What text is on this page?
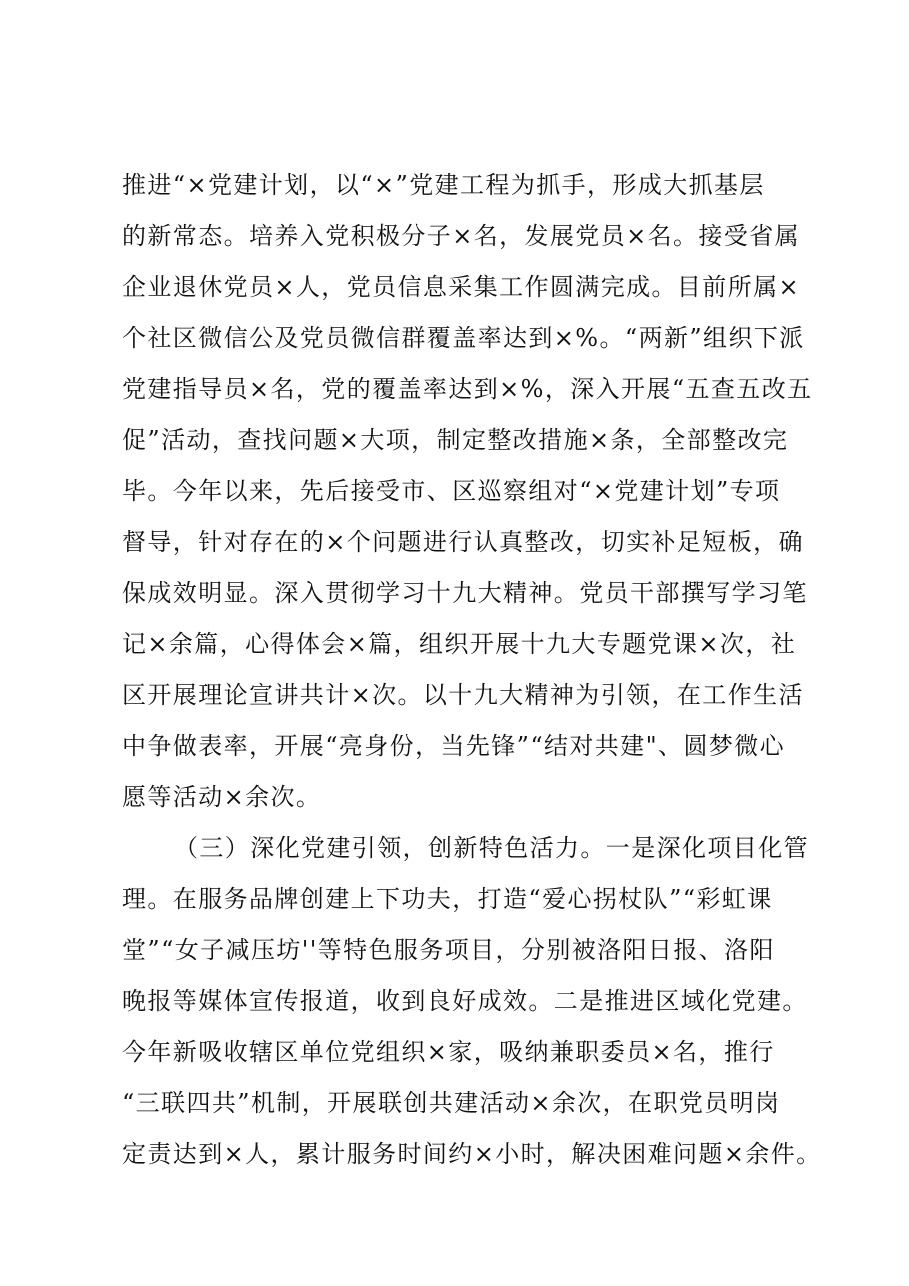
推进“×党建计划，以“×”党建工程为抓手，形成大抓基层
的新常态。培养入党积极分子×名，发展党员×名。接受省属
企业退休党员×人，党员信息采集工作圆满完成。目前所属×
个社区微信公及党员微信群覆盖率达到×%。“两新”组织下派
党建指导员×名，党的覆盖率达到×%，深入开展“五查五改五
促”活动，查找问题×大项，制定整改措施×条，全部整改完
毕。今年以来，先后接受市、区巡察组对“×党建计划”专项
督导，针对存在的×个问题进行认真整改，切实补足短板，确
保成效明显。深入贯彻学习十九大精神。党员干部撰写学习笔
记×余篇，心得体会×篇，组织开展十九大专题党课×次，社
区开展理论宣讲共计×次。以十九大精神为引领，在工作生活
中争做表率，开展“亮身份，当先锋”“结对共建"、圆梦微心
愿等活动×余次。
（三）深化党建引领，创新特色活力。一是深化项目化管
理。在服务品牌创建上下功夫，打造“爱心拐杖队”“彩虹课
堂”“女子减压坊''等特色服务项目，分别被洛阳日报、洛阳
晚报等媒体宣传报道，收到良好成效。二是推进区域化党建。
今年新吸收辖区单位党组织×家，吸纳兼职委员×名，推行
“三联四共”机制，开展联创共建活动×余次，在职党员明岗
定责达到×人，累计服务时间约×小时，解决困难问题×余件。
